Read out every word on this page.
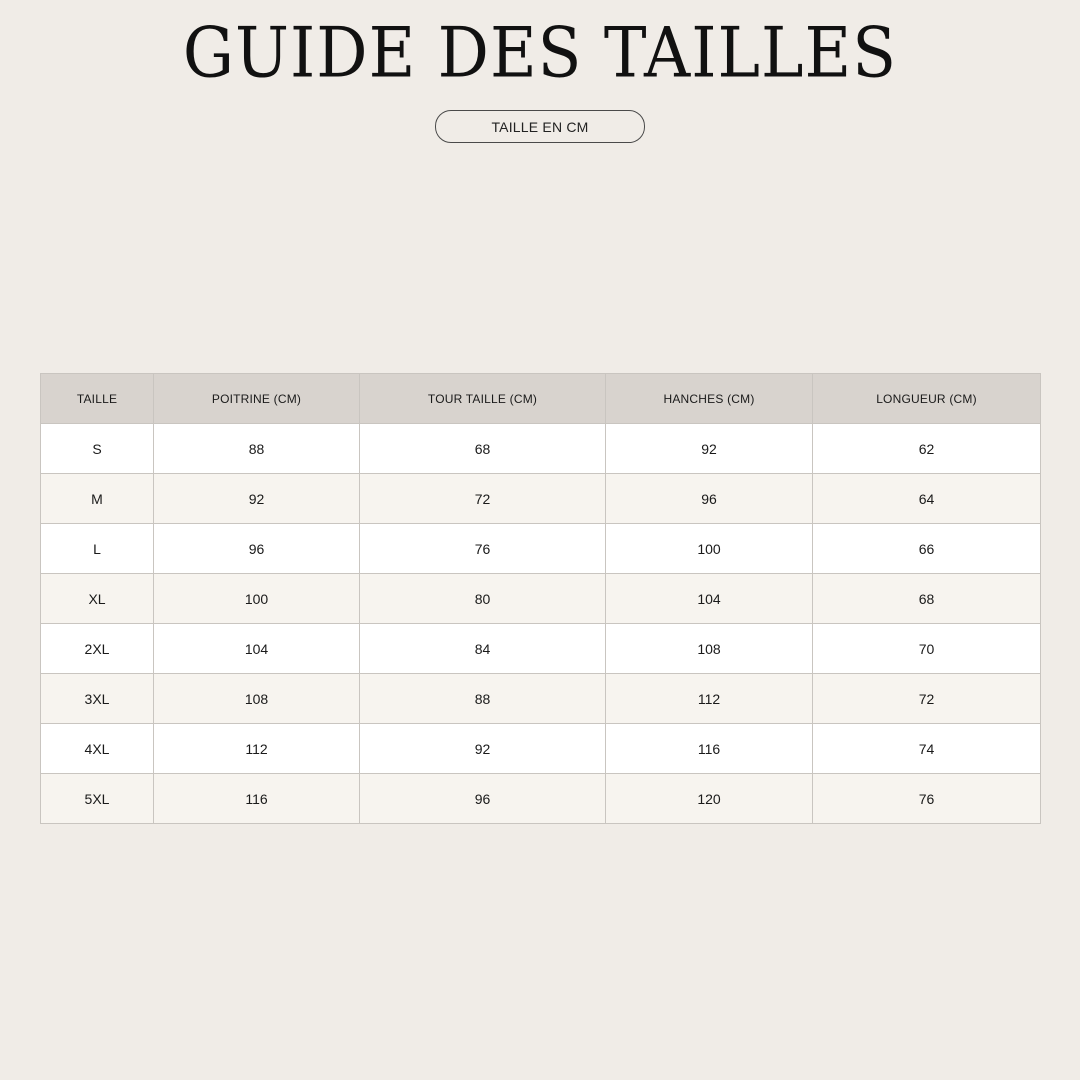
GUIDE DES TAILLES
TAILLE EN CM
TAILLE	POITRINE (CM)	TOUR TAILLE (CM)	HANCHES (CM)	LONGUEUR (CM)
S	88	68	92	62
M	92	72	96	64
L	96	76	100	66
XL	100	80	104	68
2XL	104	84	108	70
3XL	108	88	112	72
4XL	112	92	116	74
5XL	116	96	120	76
